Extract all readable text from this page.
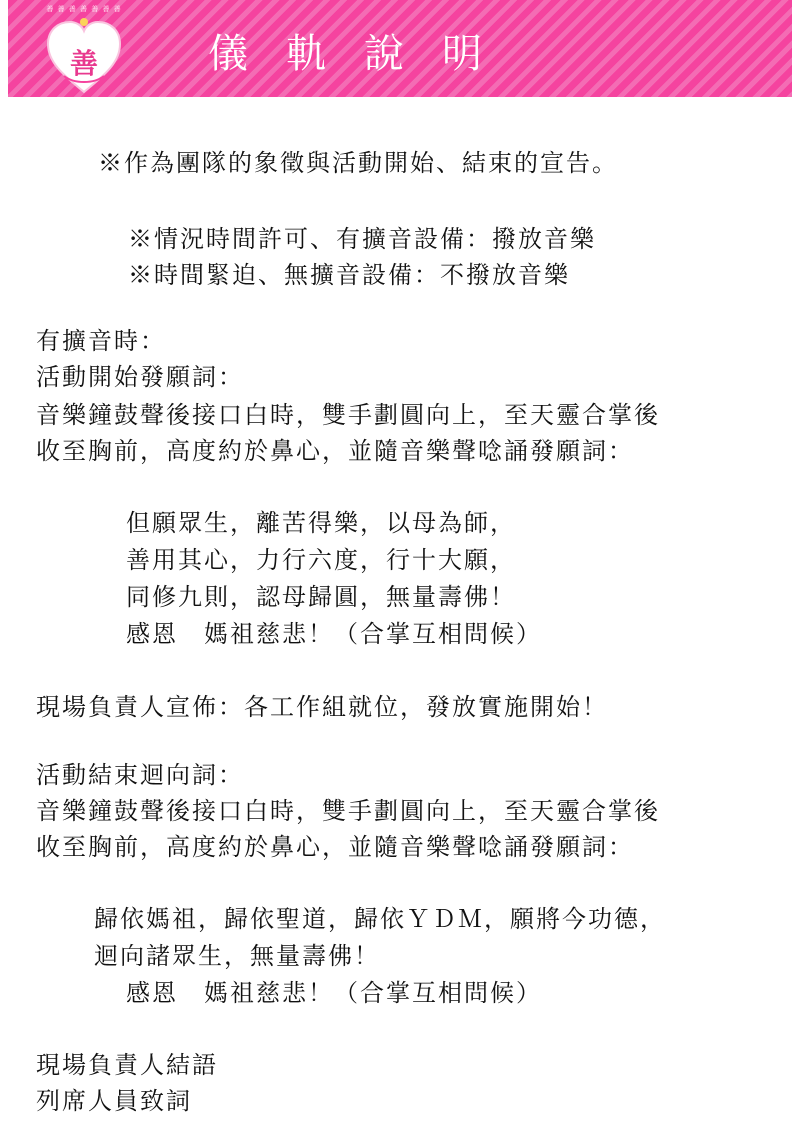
善 善 善 善 善 善 善
善	儀軌說明
※作為團隊的象徵與活動開始、結束的宣告。
※情況時間許可、有擴音設備：撥放音樂
※時間緊迫、無擴音設備：不撥放音樂
有擴音時：
活動開始發願詞：
音樂鐘鼓聲後接口白時，雙手劃圓向上，至天靈合掌後
收至胸前，高度約於鼻心，並隨音樂聲唸誦發願詞：
但願眾生，離苦得樂，以母為師，
善用其心，力行六度，行十大願，
同修九則，認母歸圓，無量壽佛！
感恩　媽祖慈悲！（合掌互相問候）
現場負責人宣佈：各工作組就位，發放實施開始！
活動結束迴向詞：
音樂鐘鼓聲後接口白時，雙手劃圓向上，至天靈合掌後
收至胸前，高度約於鼻心，並隨音樂聲唸誦發願詞：
歸依媽祖，歸依聖道，歸依ＹＤＭ，願將今功德，
迴向諸眾生，無量壽佛！
感恩　媽祖慈悲！（合掌互相問候）
現場負責人結語
列席人員致詞
